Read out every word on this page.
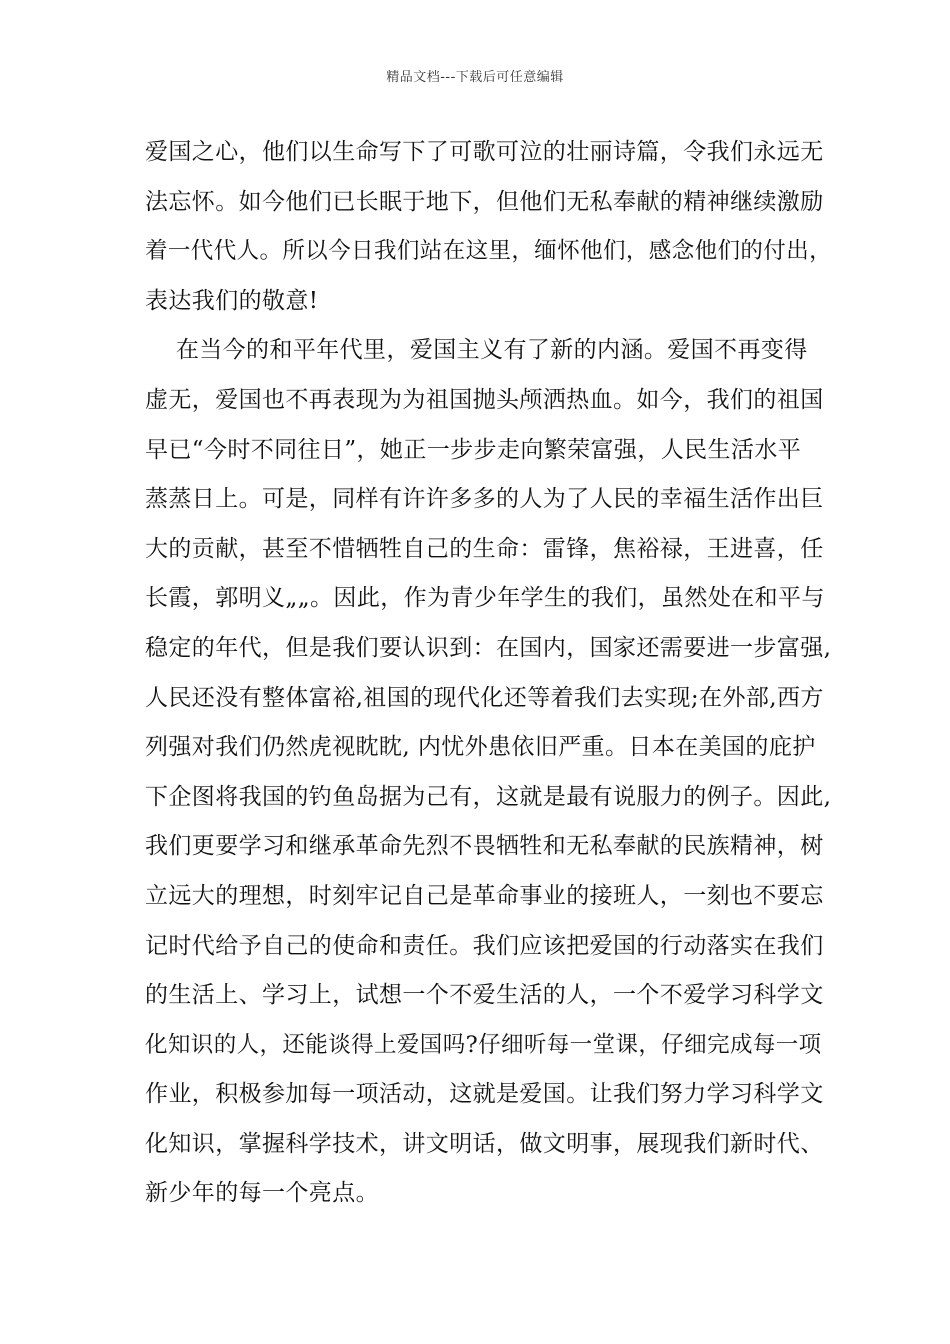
精品文档---下载后可任意编辑
爱国之心，他们以生命写下了可歌可泣的壮丽诗篇，令我们永远无
法忘怀。如今他们已长眠于地下，但他们无私奉献的精神继续激励
着一代代人。所以今日我们站在这里，缅怀他们，感念他们的付出，
表达我们的敬意!
在当今的和平年代里，爱国主义有了新的内涵。爱国不再变得
虚无，爱国也不再表现为为祖国抛头颅洒热血。如今，我们的祖国
早已“今时不同往日”，她正一步步走向繁荣富强，人民生活水平
蒸蒸日上。可是，同样有许许多多的人为了人民的幸福生活作出巨
大的贡献，甚至不惜牺牲自己的生命：雷锋，焦裕禄，王进喜，任
长霞，郭明义„„。因此，作为青少年学生的我们，虽然处在和平与
稳定的年代，但是我们要认识到：在国内，国家还需要进一步富强,
人民还没有整体富裕,祖国的现代化还等着我们去实现;在外部,西方
列强对我们仍然虎视眈眈, 内忧外患依旧严重。日本在美国的庇护
下企图将我国的钓鱼岛据为己有，这就是最有说服力的例子。因此,
我们更要学习和继承革命先烈不畏牺牲和无私奉献的民族精神，树
立远大的理想，时刻牢记自己是革命事业的接班人，一刻也不要忘
记时代给予自己的使命和责任。我们应该把爱国的行动落实在我们
的生活上、学习上，试想一个不爱生活的人，一个不爱学习科学文
化知识的人，还能谈得上爱国吗?仔细听每一堂课，仔细完成每一项
作业，积极参加每一项活动，这就是爱国。让我们努力学习科学文
化知识，掌握科学技术，讲文明话，做文明事，展现我们新时代、
新少年的每一个亮点。
